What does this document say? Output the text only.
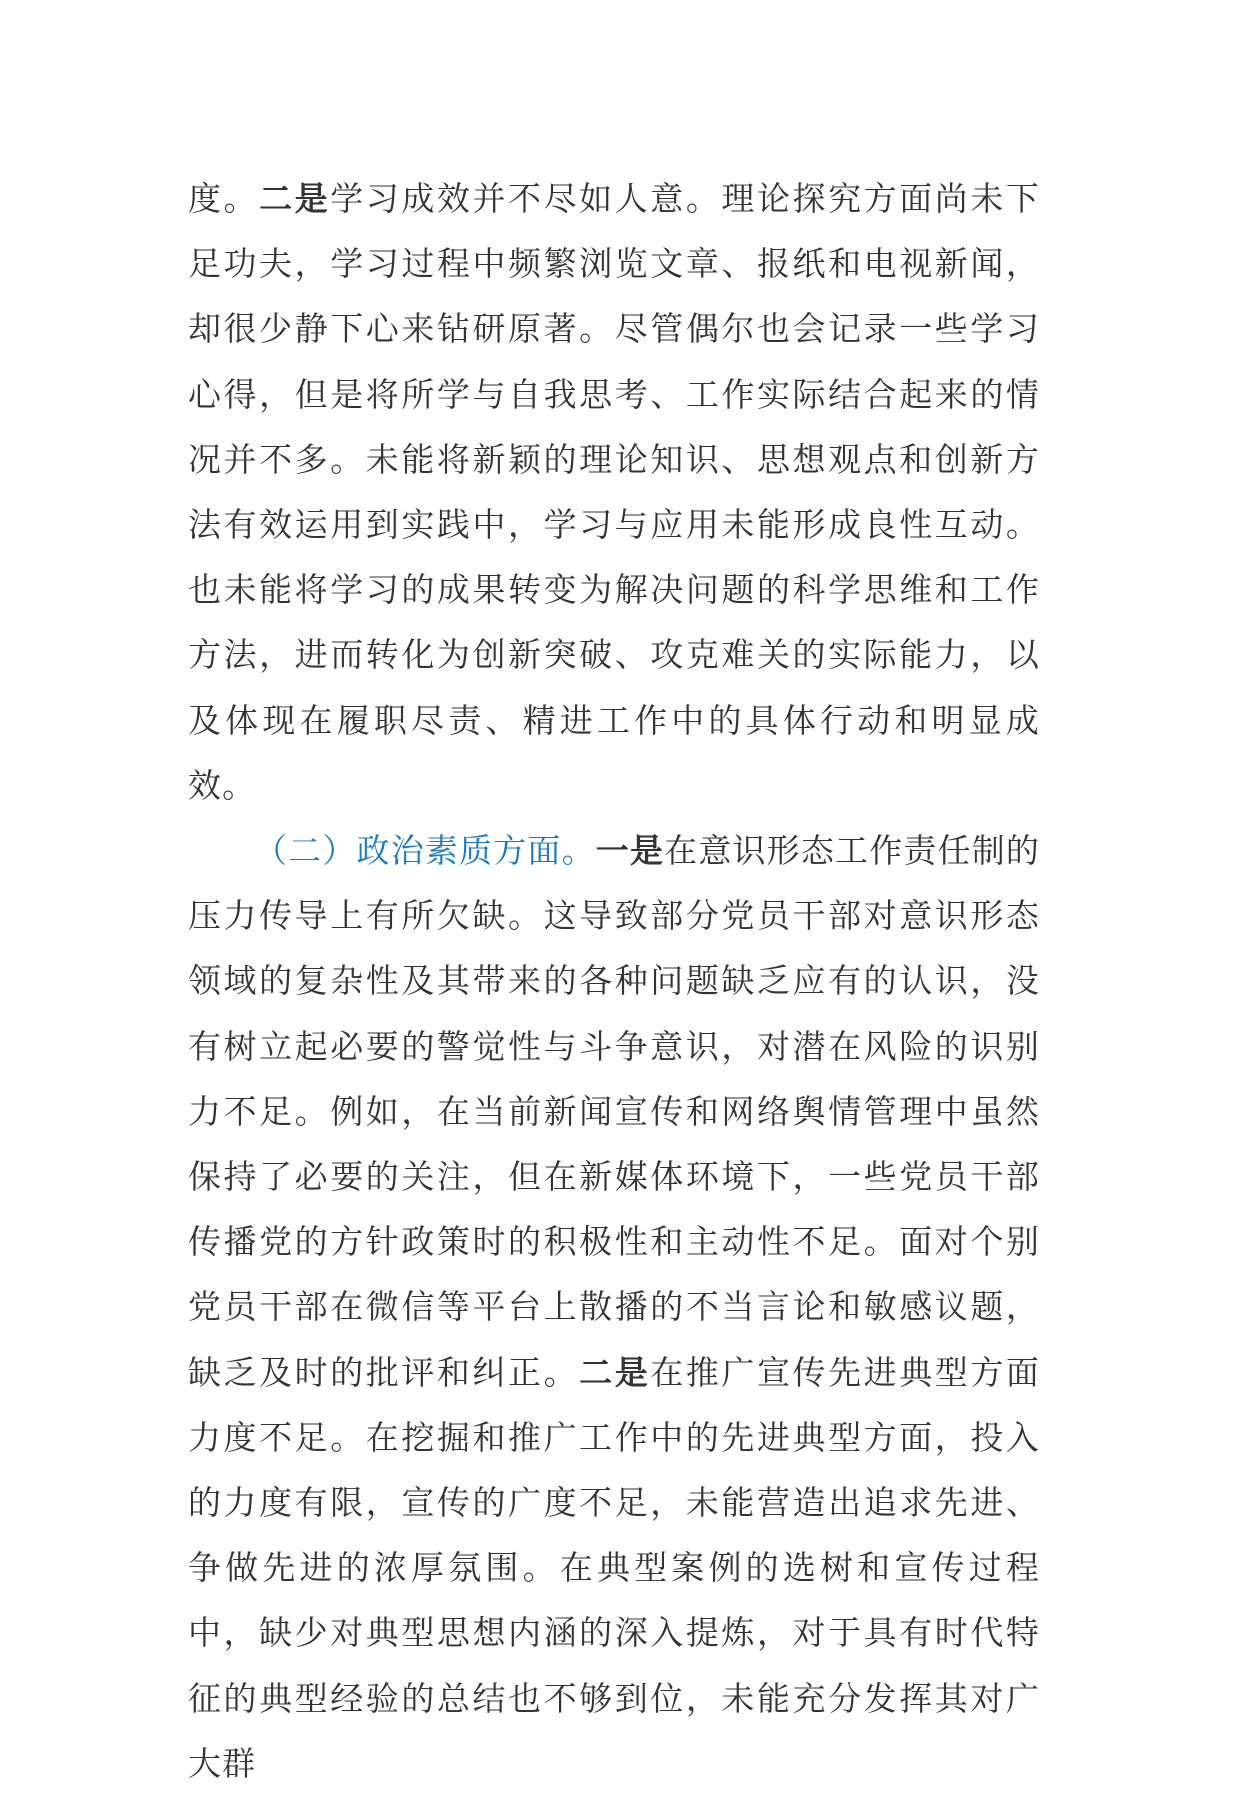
度。二是学习成效并不尽如人意。理论探究方面尚未下足功夫，学习过程中频繁浏览文章、报纸和电视新闻，却很少静下心来钻研原著。尽管偶尔也会记录一些学习心得，但是将所学与自我思考、工作实际结合起来的情况并不多。未能将新颖的理论知识、思想观点和创新方法有效运用到实践中，学习与应用未能形成良性互动。也未能将学习的成果转变为解决问题的科学思维和工作方法，进而转化为创新突破、攻克难关的实际能力，以及体现在履职尽责、精进工作中的具体行动和明显成效。

（二）政治素质方面。一是在意识形态工作责任制的压力传导上有所欠缺。这导致部分党员干部对意识形态领域的复杂性及其带来的各种问题缺乏应有的认识，没有树立起必要的警觉性与斗争意识，对潜在风险的识别力不足。例如，在当前新闻宣传和网络舆情管理中虽然保持了必要的关注，但在新媒体环境下，一些党员干部传播党的方针政策时的积极性和主动性不足。面对个别党员干部在微信等平台上散播的不当言论和敏感议题，缺乏及时的批评和纠正。二是在推广宣传先进典型方面力度不足。在挖掘和推广工作中的先进典型方面，投入的力度有限，宣传的广度不足，未能营造出追求先进、争做先进的浓厚氛围。在典型案例的选树和宣传过程中，缺少对典型思想内涵的深入提炼，对于具有时代特征的典型经验的总结也不够到位，未能充分发挥其对广大群
